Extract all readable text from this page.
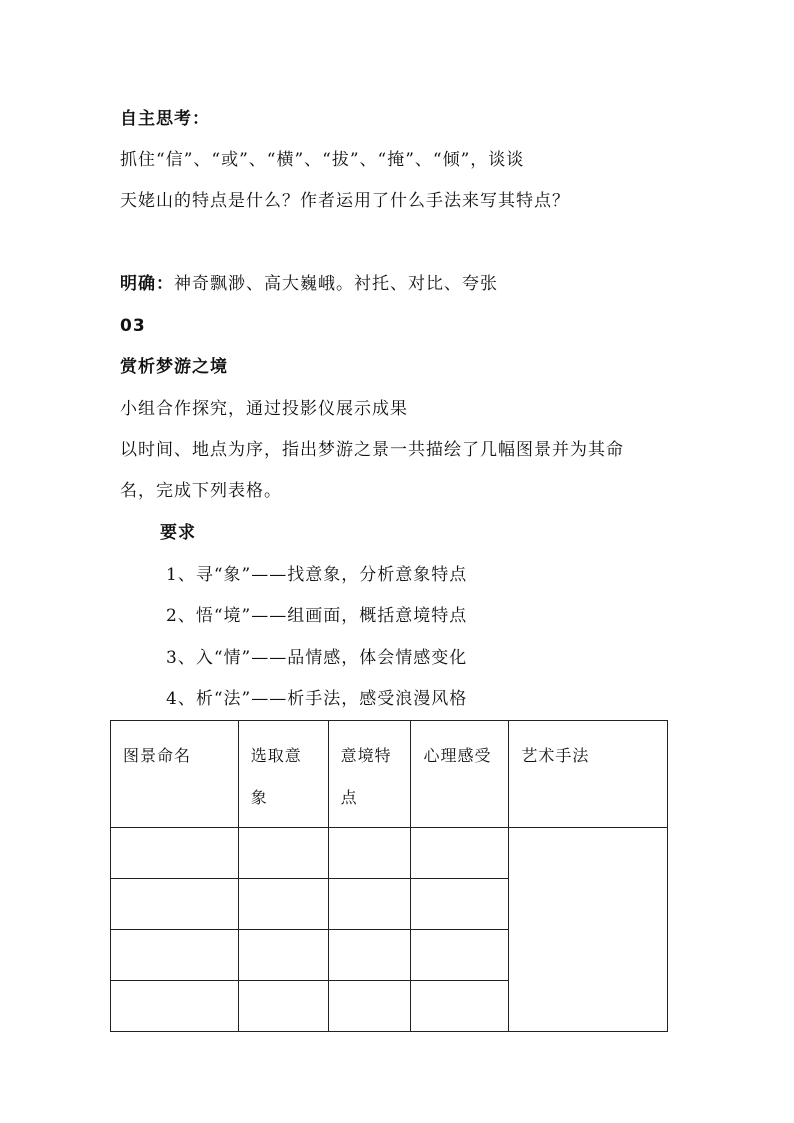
自主思考：
抓住“信”、“或”、“横”、“拔”、“掩”、“倾”，谈谈
天姥山的特点是什么？作者运用了什么手法来写其特点？
明确：神奇飘渺、高大巍峨。衬托、对比、夸张
03
赏析梦游之境
小组合作探究，通过投影仪展示成果
以时间、地点为序，指出梦游之景一共描绘了几幅图景并为其命
名，完成下列表格。
要求
1、寻“象”——找意象，分析意象特点
2、悟“境”——组画面，概括意境特点
3、入“情”——品情感，体会情感变化
4、析“法”——析手法，感受浪漫风格
图景命名	选取意象	意境特点	心理感受	艺术手法
